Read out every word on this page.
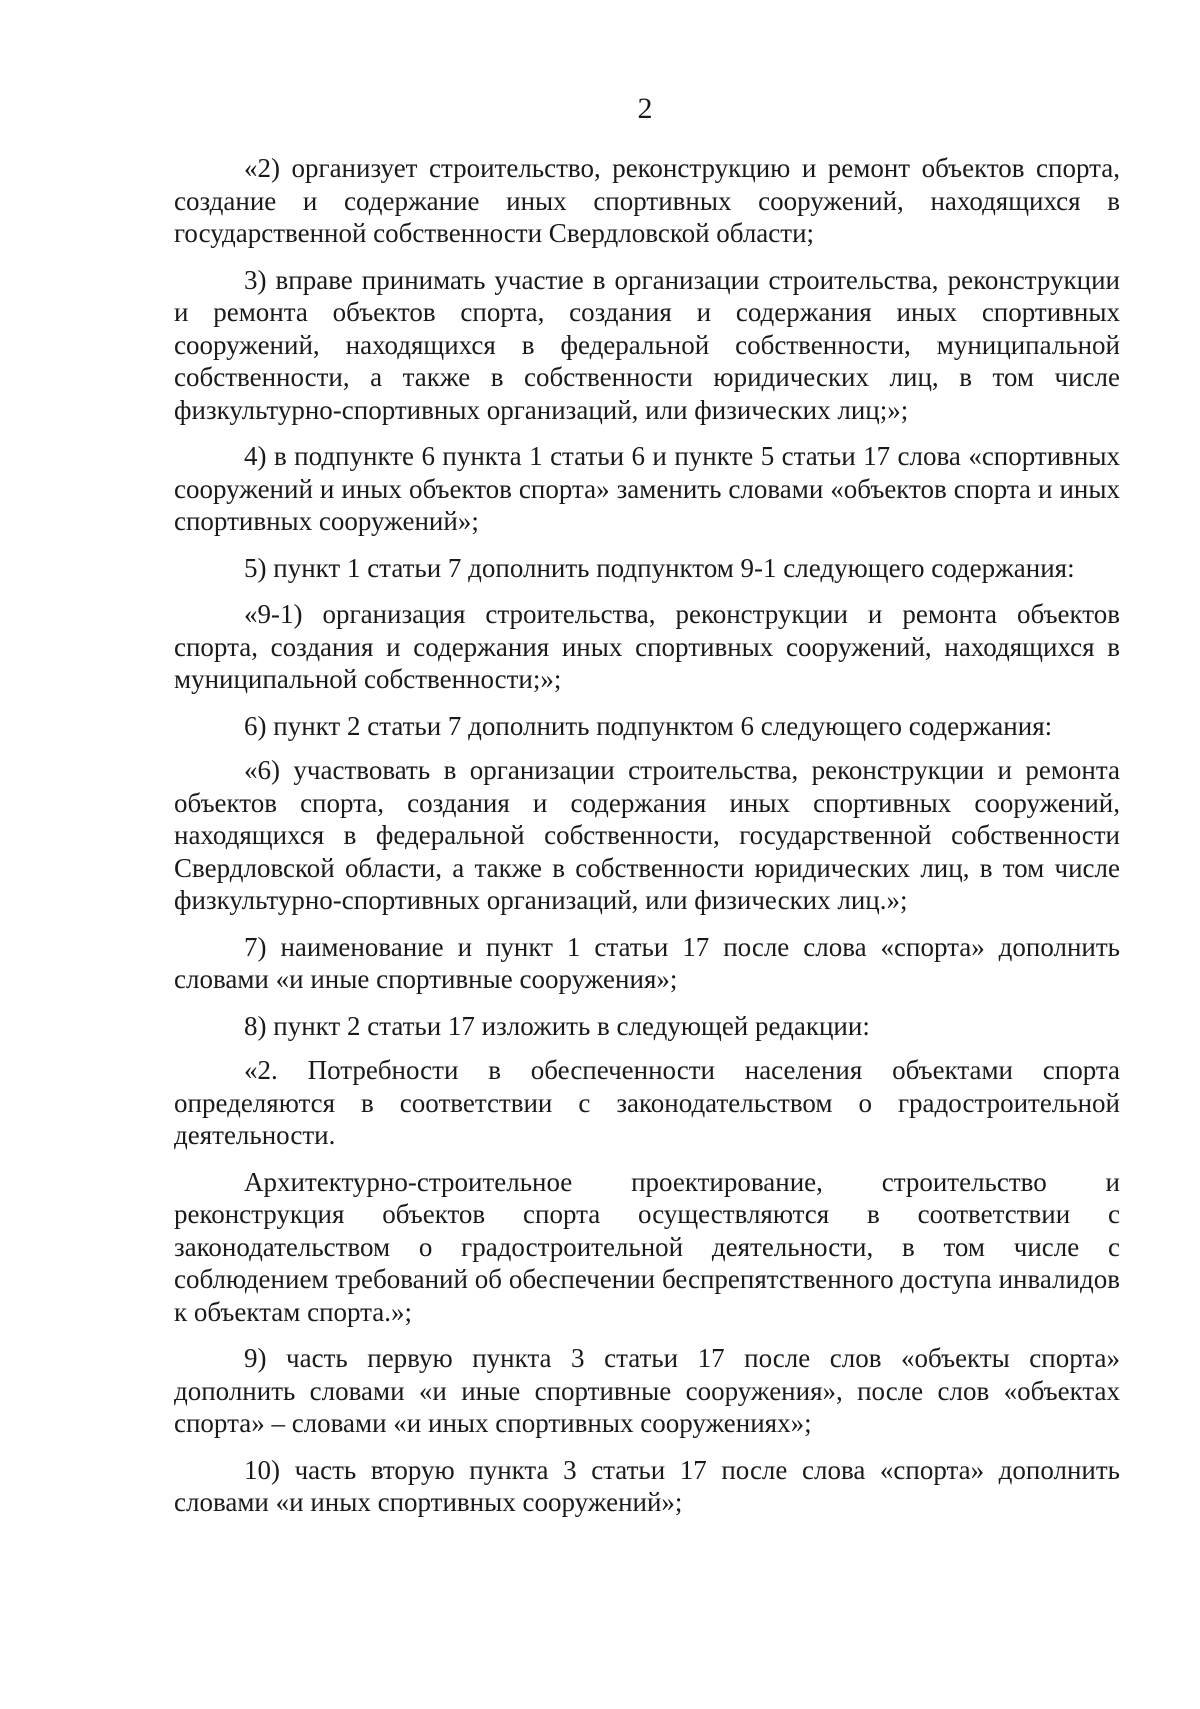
2

«2) организует строительство, реконструкцию и ремонт объектов спорта, создание и содержание иных спортивных сооружений, находящихся в государственной собственности Свердловской области;

3) вправе принимать участие в организации строительства, реконструкции и ремонта объектов спорта, создания и содержания иных спортивных сооружений, находящихся в федеральной собственности, муниципальной собственности, а также в собственности юридических лиц, в том числе физкультурно-спортивных организаций, или физических лиц;»;

4) в подпункте 6 пункта 1 статьи 6 и пункте 5 статьи 17 слова «спортивных сооружений и иных объектов спорта» заменить словами «объектов спорта и иных спортивных сооружений»;

5) пункт 1 статьи 7 дополнить подпунктом 9-1 следующего содержания:

«9-1) организация строительства, реконструкции и ремонта объектов спорта, создания и содержания иных спортивных сооружений, находящихся в муниципальной собственности;»;

6) пункт 2 статьи 7 дополнить подпунктом 6 следующего содержания:

«6) участвовать в организации строительства, реконструкции и ремонта объектов спорта, создания и содержания иных спортивных сооружений, находящихся в федеральной собственности, государственной собственности Свердловской области, а также в собственности юридических лиц, в том числе физкультурно-спортивных организаций, или физических лиц.»;

7) наименование и пункт 1 статьи 17 после слова «спорта» дополнить словами «и иные спортивные сооружения»;

8) пункт 2 статьи 17 изложить в следующей редакции:

«2. Потребности в обеспеченности населения объектами спорта определяются в соответствии с законодательством о градостроительной деятельности.

Архитектурно-строительное проектирование, строительство и реконструкция объектов спорта осуществляются в соответствии с законодательством о градостроительной деятельности, в том числе с соблюдением требований об обеспечении беспрепятственного доступа инвалидов к объектам спорта.»;

9) часть первую пункта 3 статьи 17 после слов «объекты спорта» дополнить словами «и иные спортивные сооружения», после слов «объектах спорта» – словами «и иных спортивных сооружениях»;

10) часть вторую пункта 3 статьи 17 после слова «спорта» дополнить словами «и иных спортивных сооружений»;
